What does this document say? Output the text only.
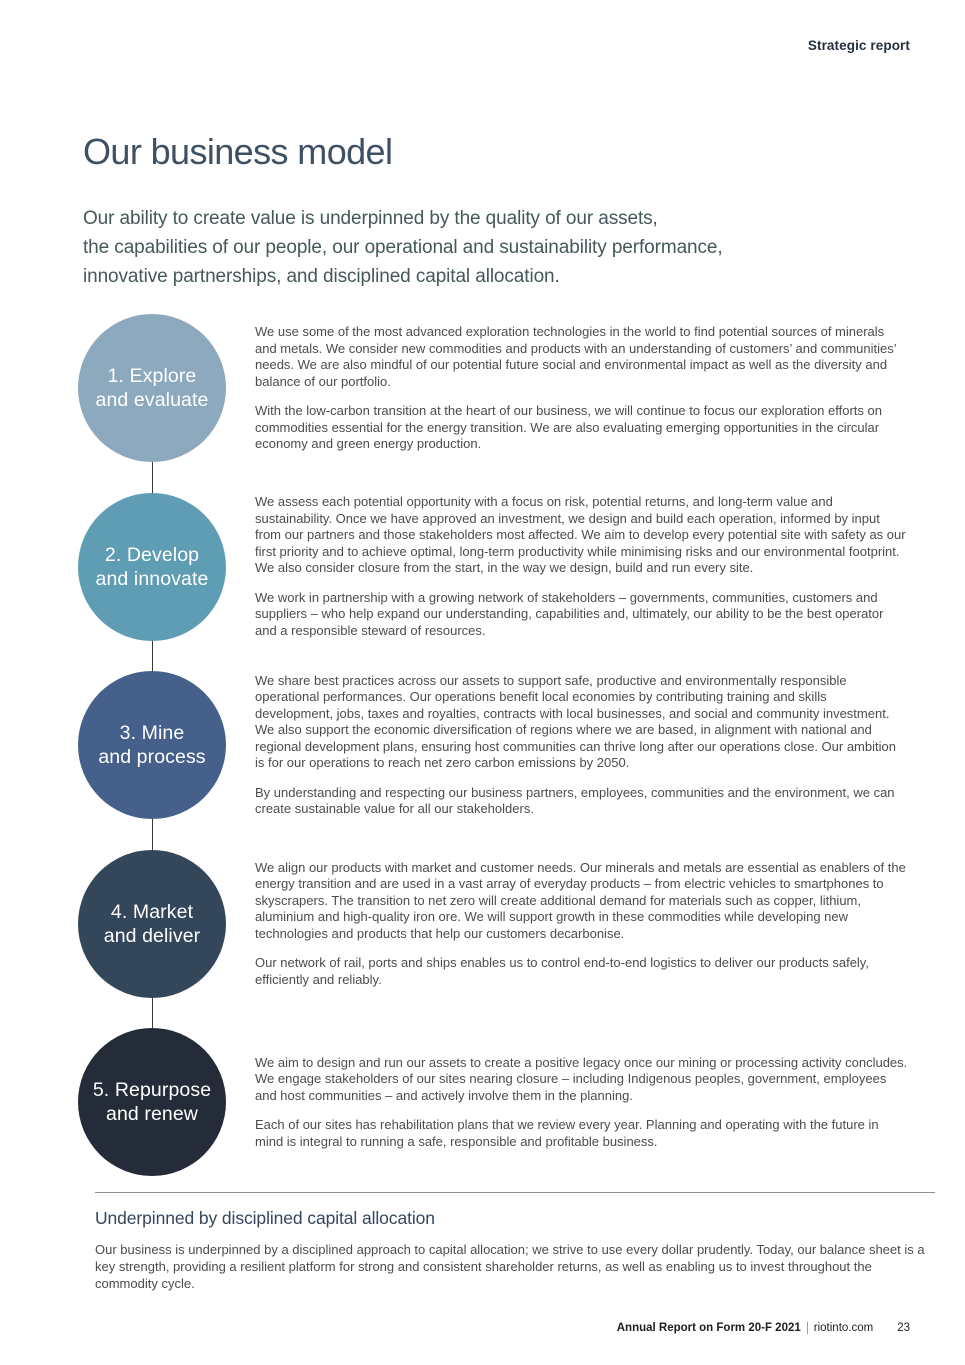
Strategic report
Our business model

Our ability to create value is underpinned by the quality of our assets,
the capabilities of our people, our operational and sustainability performance,
innovative partnerships, and disciplined capital allocation.

1. Explore
and evaluate

We use some of the most advanced exploration technologies in the world to find potential sources of minerals and metals. We consider new commodities and products with an understanding of customers’ and communities’ needs. We are also mindful of our potential future social and environmental impact as well as the diversity and balance of our portfolio.

With the low-carbon transition at the heart of our business, we will continue to focus our exploration efforts on commodities essential for the energy transition. We are also evaluating emerging opportunities in the circular economy and green energy production.

2. Develop
and innovate

We assess each potential opportunity with a focus on risk, potential returns, and long-term value and sustainability. Once we have approved an investment, we design and build each operation, informed by input from our partners and those stakeholders most affected. We aim to develop every potential site with safety as our first priority and to achieve optimal, long-term productivity while minimising risks and our environmental footprint. We also consider closure from the start, in the way we design, build and run every site.

We work in partnership with a growing network of stakeholders – governments, communities, customers and suppliers – who help expand our understanding, capabilities and, ultimately, our ability to be the best operator and a responsible steward of resources.

3. Mine
and process

We share best practices across our assets to support safe, productive and environmentally responsible operational performances. Our operations benefit local economies by contributing training and skills development, jobs, taxes and royalties, contracts with local businesses, and social and community investment. We also support the economic diversification of regions where we are based, in alignment with national and regional development plans, ensuring host communities can thrive long after our operations close. Our ambition is for our operations to reach net zero carbon emissions by 2050.

By understanding and respecting our business partners, employees, communities and the environment, we can create sustainable value for all our stakeholders.

4. Market
and deliver

We align our products with market and customer needs. Our minerals and metals are essential as enablers of the energy transition and are used in a vast array of everyday products – from electric vehicles to smartphones to skyscrapers. The transition to net zero will create additional demand for materials such as copper, lithium, aluminium and high-quality iron ore. We will support growth in these commodities while developing new technologies and products that help our customers decarbonise.

Our network of rail, ports and ships enables us to control end-to-end logistics to deliver our products safely, efficiently and reliably.

5. Repurpose
and renew

We aim to design and run our assets to create a positive legacy once our mining or processing activity concludes. We engage stakeholders of our sites nearing closure – including Indigenous peoples, government, employees and host communities – and actively involve them in the planning.

Each of our sites has rehabilitation plans that we review every year. Planning and operating with the future in mind is integral to running a safe, responsible and profitable business.

Underpinned by disciplined capital allocation

Our business is underpinned by a disciplined approach to capital allocation; we strive to use every dollar prudently. Today, our balance sheet is a key strength, providing a resilient platform for strong and consistent shareholder returns, as well as enabling us to invest throughout the commodity cycle.

Annual Report on Form 20-F 2021 riotinto.com 23
